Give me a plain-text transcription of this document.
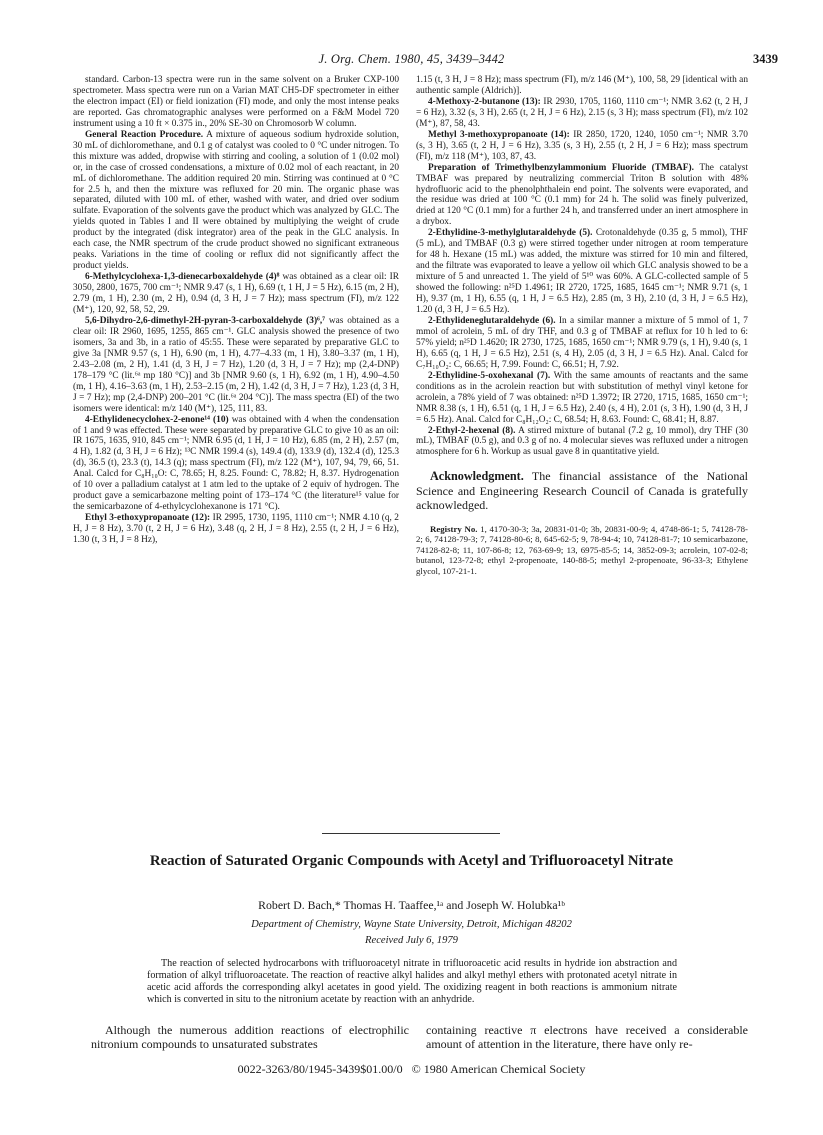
J. Org. Chem. 1980, 45, 3439–3442	3439

standard. Carbon-13 spectra were run in the same solvent on a Bruker CXP-100 spectrometer. Mass spectra were run on a Varian MAT CH5-DF spectrometer in either the electron impact (EI) or field ionization (FI) mode, and only the most intense peaks are reported. Gas chromatographic analyses were performed on a F&M Model 720 instrument using a 10 ft × 0.375 in., 20% SE-30 on Chromosorb W column.

General Reaction Procedure. A mixture of aqueous sodium hydroxide solution, 30 mL of dichloromethane, and 0.1 g of catalyst was cooled to 0 °C under nitrogen. To this mixture was added, dropwise with stirring and cooling, a solution of 1 (0.02 mol) or, in the case of crossed condensations, a mixture of 0.02 mol of each reactant, in 20 mL of dichloromethane. The addition required 20 min. Stirring was continued at 0 °C for 2.5 h, and then the mixture was refluxed for 20 min. The organic phase was separated, diluted with 100 mL of ether, washed with water, and dried over sodium sulfate. Evaporation of the solvents gave the product which was analyzed by GLC. The yields quoted in Tables I and II were obtained by multiplying the weight of crude product by the integrated (disk integrator) area of the peak in the GLC analysis. In each case, the NMR spectrum of the crude product showed no significant extraneous peaks. Variations in the time of cooling or reflux did not significantly affect the product yields.

6-Methylcyclohexa-1,3-dienecarboxaldehyde (4)⁸ was obtained as a clear oil: IR 3050, 2800, 1675, 700 cm⁻¹; NMR 9.47 (s, 1 H), 6.69 (t, 1 H, J = 5 Hz), 6.15 (m, 2 H), 2.79 (m, 1 H), 2.30 (m, 2 H), 0.94 (d, 3 H, J = 7 Hz); mass spectrum (FI), m/z 122 (M⁺), 120, 92, 58, 52, 29.

5,6-Dihydro-2,6-dimethyl-2H-pyran-3-carboxaldehyde (3)⁶,⁷ was obtained as a clear oil: IR 2960, 1695, 1255, 865 cm⁻¹. GLC analysis showed the presence of two isomers, 3a and 3b, in a ratio of 45:55. These were separated by preparative GLC to give 3a [NMR 9.57 (s, 1 H), 6.90 (m, 1 H), 4.77–4.33 (m, 1 H), 3.80–3.37 (m, 1 H), 2.43–2.08 (m, 2 H), 1.41 (d, 3 H, J = 7 Hz), 1.20 (d, 3 H, J = 7 Hz); mp (2,4-DNP) 178–179 °C (lit.⁶ᵃ mp 180 °C)] and 3b [NMR 9.60 (s, 1 H), 6.92 (m, 1 H), 4.90–4.50 (m, 1 H), 4.16–3.63 (m, 1 H), 2.53–2.15 (m, 2 H), 1.42 (d, 3 H, J = 7 Hz), 1.23 (d, 3 H, J = 7 Hz); mp (2,4-DNP) 200–201 °C (lit.⁶ᵃ 204 °C)]. The mass spectra (EI) of the two isomers were identical: m/z 140 (M⁺), 125, 111, 83.

4-Ethylidenecyclohex-2-enone¹⁴ (10) was obtained with 4 when the condensation of 1 and 9 was effected. These were separated by preparative GLC to give 10 as an oil: IR 1675, 1635, 910, 845 cm⁻¹; NMR 6.95 (d, 1 H, J = 10 Hz), 6.85 (m, 2 H), 2.57 (m, 4 H), 1.82 (d, 3 H, J = 6 Hz); ¹³C NMR 199.4 (s), 149.4 (d), 133.9 (d), 132.4 (d), 125.3 (d), 36.5 (t), 23.3 (t), 14.3 (q); mass spectrum (FI), m/z 122 (M⁺), 107, 94, 79, 66, 51. Anal. Calcd for C₈H₁₀O: C, 78.65; H, 8.25. Found: C, 78.82; H, 8.37. Hydrogenation of 10 over a palladium catalyst at 1 atm led to the uptake of 2 equiv of hydrogen. The product gave a semicarbazone melting point of 173–174 °C (the literature¹⁵ value for the semicarbazone of 4-ethylcyclohexanone is 171 °C).

Ethyl 3-ethoxypropanoate (12): IR 2995, 1730, 1195, 1110 cm⁻¹; NMR 4.10 (q, 2 H, J = 8 Hz), 3.70 (t, 2 H, J = 6 Hz), 3.48 (q, 2 H, J = 8 Hz), 2.55 (t, 2 H, J = 6 Hz), 1.30 (t, 3 H, J = 8 Hz),

1.15 (t, 3 H, J = 8 Hz); mass spectrum (FI), m/z 146 (M⁺), 100, 58, 29 [identical with an authentic sample (Aldrich)].

4-Methoxy-2-butanone (13): IR 2930, 1705, 1160, 1110 cm⁻¹; NMR 3.62 (t, 2 H, J = 6 Hz), 3.32 (s, 3 H), 2.65 (t, 2 H, J = 6 Hz), 2.15 (s, 3 H); mass spectrum (FI), m/z 102 (M⁺), 87, 58, 43.

Methyl 3-methoxypropanoate (14): IR 2850, 1720, 1240, 1050 cm⁻¹; NMR 3.70 (s, 3 H), 3.65 (t, 2 H, J = 6 Hz), 3.35 (s, 3 H), 2.55 (t, 2 H, J = 6 Hz); mass spectrum (FI), m/z 118 (M⁺), 103, 87, 43.

Preparation of Trimethylbenzylammonium Fluoride (TMBAF). The catalyst TMBAF was prepared by neutralizing commercial Triton B solution with 48% hydrofluoric acid to the phenolphthalein end point. The solvents were evaporated, and the residue was dried at 100 °C (0.1 mm) for 24 h. The solid was finely pulverized, dried at 120 °C (0.1 mm) for a further 24 h, and transferred under an inert atmosphere in a drybox.

2-Ethylidine-3-methylglutaraldehyde (5). Crotonaldehyde (0.35 g, 5 mmol), THF (5 mL), and TMBAF (0.3 g) were stirred together under nitrogen at room temperature for 48 h. Hexane (15 mL) was added, the mixture was stirred for 10 min and filtered, and the filtrate was evaporated to leave a yellow oil which GLC analysis showed to be a mixture of 5 and unreacted 1. The yield of 5¹⁰ was 60%. A GLC-collected sample of 5 showed the following: n²⁵D 1.4961; IR 2720, 1725, 1685, 1645 cm⁻¹; NMR 9.71 (s, 1 H), 9.37 (m, 1 H), 6.55 (q, 1 H, J = 6.5 Hz), 2.85 (m, 3 H), 2.10 (d, 3 H, J = 6.5 Hz), 1.20 (d, 3 H, J = 6.5 Hz).

2-Ethylideneglutaraldehyde (6). In a similar manner a mixture of 5 mmol of 1, 7 mmol of acrolein, 5 mL of dry THF, and 0.3 g of TMBAF at reflux for 10 h led to 6: 57% yield; n²⁵D 1.4620; IR 2730, 1725, 1685, 1650 cm⁻¹; NMR 9.79 (s, 1 H), 9.40 (s, 1 H), 6.65 (q, 1 H, J = 6.5 Hz), 2.51 (s, 4 H), 2.05 (d, 3 H, J = 6.5 Hz). Anal. Calcd for C₇H₁₀O₂: C, 66.65; H, 7.99. Found: C, 66.51; H, 7.92.

2-Ethylidine-5-oxohexanal (7). With the same amounts of reactants and the same conditions as in the acrolein reaction but with substitution of methyl vinyl ketone for acrolein, a 78% yield of 7 was obtained: n²⁵D 1.3972; IR 2720, 1715, 1685, 1650 cm⁻¹; NMR 8.38 (s, 1 H), 6.51 (q, 1 H, J = 6.5 Hz), 2.40 (s, 4 H), 2.01 (s, 3 H), 1.90 (d, 3 H, J = 6.5 Hz). Anal. Calcd for C₈H₁₂O₂: C, 68.54; H, 8.63. Found: C, 68.41; H, 8.87.

2-Ethyl-2-hexenal (8). A stirred mixture of butanal (7.2 g, 10 mmol), dry THF (30 mL), TMBAF (0.5 g), and 0.3 g of no. 4 molecular sieves was refluxed under a nitrogen atmosphere for 6 h. Workup as usual gave 8 in quantitative yield.

Acknowledgment. The financial assistance of the National Science and Engineering Research Council of Canada is gratefully acknowledged.

Registry No. 1, 4170-30-3; 3a, 20831-01-0; 3b, 20831-00-9; 4, 4748-86-1; 5, 74128-78-2; 6, 74128-79-3; 7, 74128-80-6; 8, 645-62-5; 9, 78-94-4; 10, 74128-81-7; 10 semicarbazone, 74128-82-8; 11, 107-86-8; 12, 763-69-9; 13, 6975-85-5; 14, 3852-09-3; acrolein, 107-02-8; butanol, 123-72-8; ethyl 2-propenoate, 140-88-5; methyl 2-propenoate, 96-33-3; Ethylene glycol, 107-21-1.

Reaction of Saturated Organic Compounds with Acetyl and Trifluoroacetyl Nitrate
Robert D. Bach,* Thomas H. Taaffee,¹ᵃ and Joseph W. Holubka¹ᵇ
Department of Chemistry, Wayne State University, Detroit, Michigan 48202
Received July 6, 1979
The reaction of selected hydrocarbons with trifluoroacetyl nitrate in trifluoroacetic acid results in hydride ion abstraction and formation of alkyl trifluoroacetate. The reaction of reactive alkyl halides and alkyl methyl ethers with protonated acetyl nitrate in acetic acid affords the corresponding alkyl acetates in good yield. The oxidizing reagent in both reactions is ammonium nitrate which is converted in situ to the nitronium acetate by reaction with an anhydride.
Although the numerous addition reactions of electrophilic nitronium compounds to unsaturated substrates
containing reactive π electrons have received a considerable amount of attention in the literature, there have only re-
0022-3263/80/1945-3439$01.00/0 © 1980 American Chemical Society
